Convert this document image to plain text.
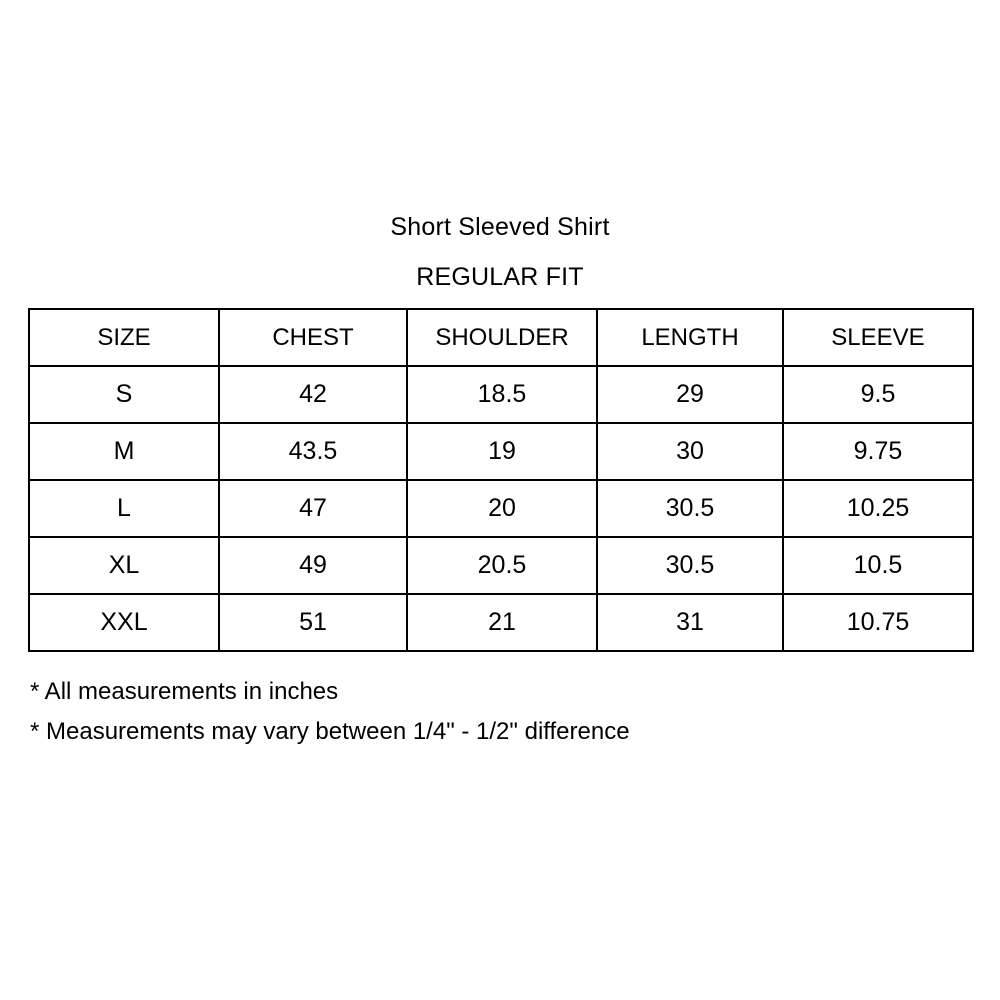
Short Sleeved Shirt
REGULAR FIT
SIZE	CHEST	SHOULDER	LENGTH	SLEEVE
S	42	18.5	29	9.5
M	43.5	19	30	9.75
L	47	20	30.5	10.25
XL	49	20.5	30.5	10.5
XXL	51	21	31	10.75
* All measurements in inches
* Measurements may vary between 1/4" - 1/2" difference
